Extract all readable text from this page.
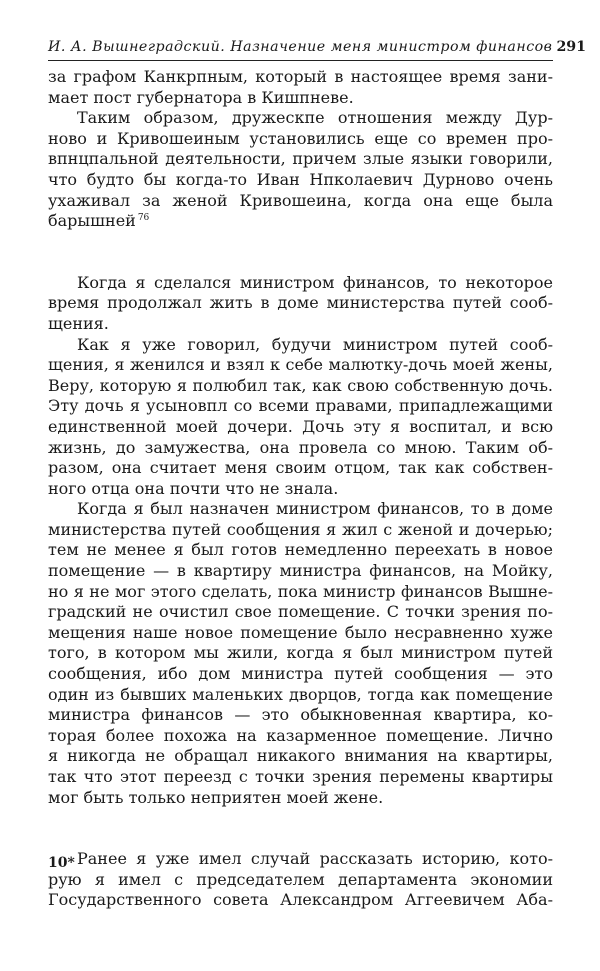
И. А. Вышнеградский. Назначение меня министром финансов 291
за графом Канкрпным, который в настоящее время зани-
мает пост губернатора в Кишпневе.
Таким образом, дружескпе отношения между Дур-
ново и Кривошеиным установились еще со времен про-
впнцпальной деятельности, причем злые языки говорили,
что будто бы когда-то Иван Нпколаевич Дурново очень
ухаживал за женой Кривошеина, когда она еще была
барышней $^{76}$
Когда я сделался министром финансов, то некоторое
время продолжал жить в доме министерства путей сооб-
щения.
Как я уже говорил, будучи министром путей сооб-
щения, я женился и взял к себе малютку-дочь моей жены,
Веру, которую я полюбил так, как свою собственную дочь.
Эту дочь я усыновпл со всеми правами, припадлежащими
единственной моей дочери. Дочь эту я воспитал, и всю
жизнь, до замужества, она провела со мною. Таким об-
разом, она считает меня своим отцом, так как собствен-
ного отца она почти что не знала.
Когда я был назначен министром финансов, то в доме
министерства путей сообщения я жил с женой и дочерью;
тем не менее я был готов немедленно переехать в новое
помещение — в квартиру министра финансов, на Мойку,
но я не мог этого сделать, пока министр финансов Вышне-
градский не очистил свое помещение. С точки зрения по-
мещения наше новое помещение было несравненно хуже
того, в котором мы жили, когда я был министром путей
сообщения, ибо дом министра путей сообщения — это
один из бывших маленьких дворцов, тогда как помещение
министра финансов — это обыкновенная квартира, ко-
торая более похожа на казарменное помещение. Лично
я никогда не обращал никакого внимания на квартиры,
так что этот переезд с точки зрения перемены квартиры
мог быть только неприятен моей жене.
Ранее я уже имел случай рассказать историю, кото-
рую я имел с председателем департамента экономии
Государственного совета Александром Аггеевичем Аба-
10*
